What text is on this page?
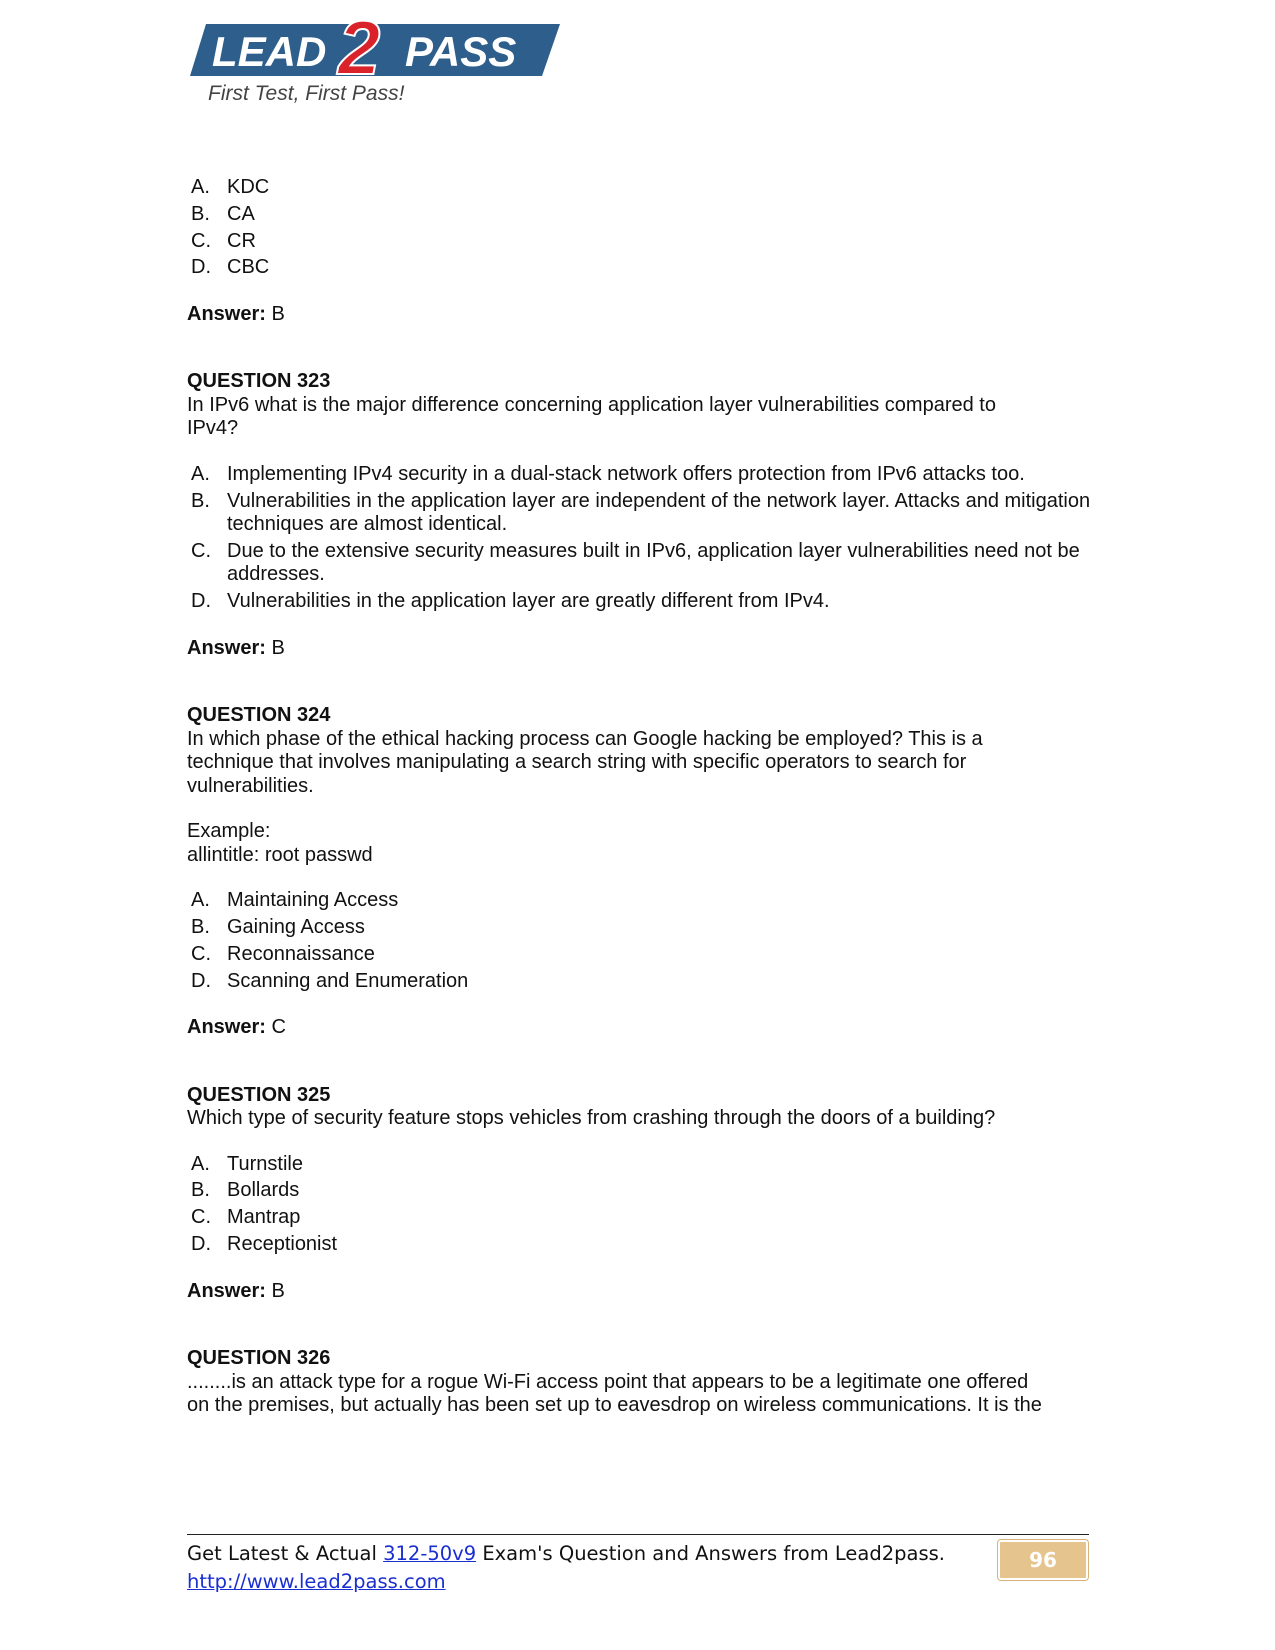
LEAD 2 PASS
First Test, First Pass!
A. KDC
B. CA
C. CR
D. CBC
Answer: B
QUESTION 323
In IPv6 what is the major difference concerning application layer vulnerabilities compared to
IPv4?
A. Implementing IPv4 security in a dual-stack network offers protection from IPv6 attacks too.
B. Vulnerabilities in the application layer are independent of the network layer. Attacks and mitigation techniques are almost identical.
C. Due to the extensive security measures built in IPv6, application layer vulnerabilities need not be addresses.
D. Vulnerabilities in the application layer are greatly different from IPv4.
Answer: B
QUESTION 324
In which phase of the ethical hacking process can Google hacking be employed? This is a
technique that involves manipulating a search string with specific operators to search for
vulnerabilities.
Example:
allintitle: root passwd
A. Maintaining Access
B. Gaining Access
C. Reconnaissance
D. Scanning and Enumeration
Answer: C
QUESTION 325
Which type of security feature stops vehicles from crashing through the doors of a building?
A. Turnstile
B. Bollards
C. Mantrap
D. Receptionist
Answer: B
QUESTION 326
........is an attack type for a rogue Wi-Fi access point that appears to be a legitimate one offered
on the premises, but actually has been set up to eavesdrop on wireless communications. It is the
Get Latest & Actual 312-50v9 Exam's Question and Answers from Lead2pass.
http://www.lead2pass.com
96
